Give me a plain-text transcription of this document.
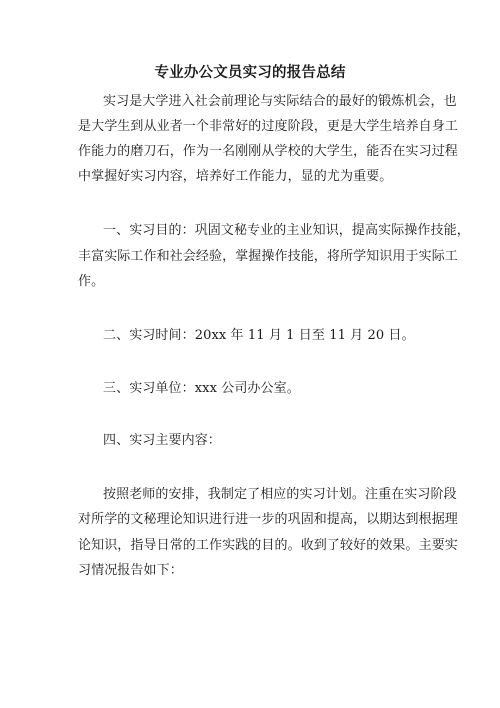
专业办公文员实习的报告总结
实习是大学进入社会前理论与实际结合的最好的锻炼机会，也
是大学生到从业者一个非常好的过度阶段，更是大学生培养自身工
作能力的磨刀石，作为一名刚刚从学校的大学生，能否在实习过程
中掌握好实习内容，培养好工作能力，显的尤为重要。
一、实习目的：巩固文秘专业的主业知识，提高实际操作技能，
丰富实际工作和社会经验，掌握操作技能，将所学知识用于实际工
作。
二、实习时间：20xx 年 11 月 1 日至 11 月 20 日。
三、实习单位：xxx 公司办公室。
四、实习主要内容：
按照老师的安排，我制定了相应的实习计划。注重在实习阶段
对所学的文秘理论知识进行进一步的巩固和提高，以期达到根据理
论知识，指导日常的工作实践的目的。收到了较好的效果。主要实
习情况报告如下：
